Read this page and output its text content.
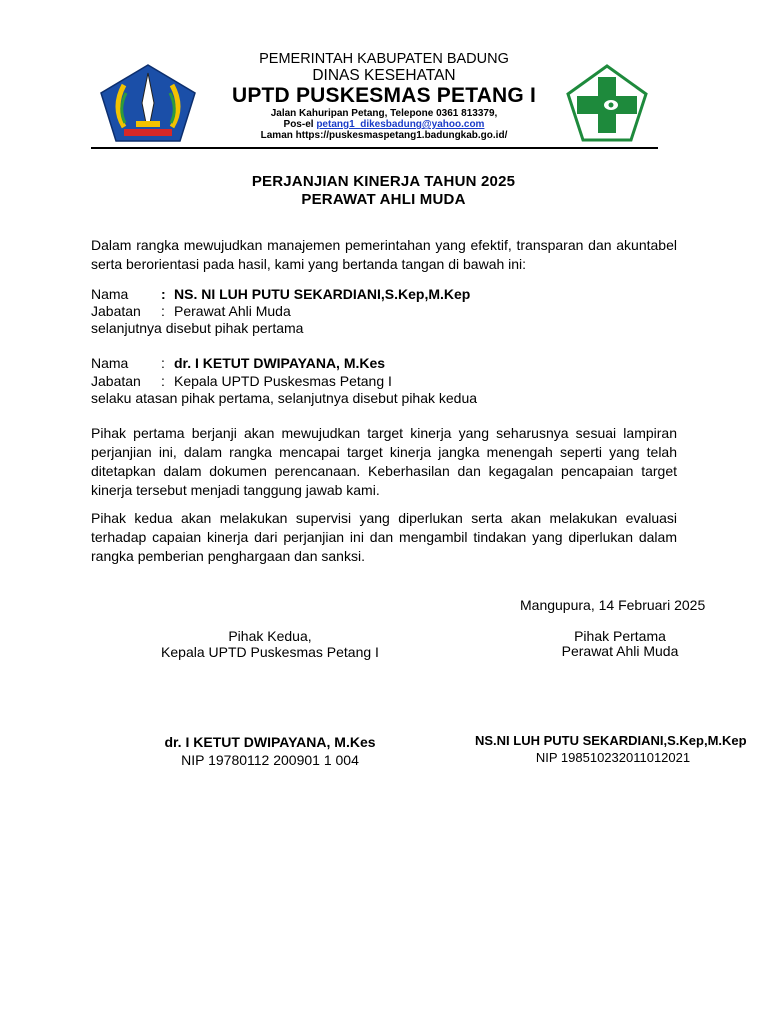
PEMERINTAH KABUPATEN BADUNG
DINAS KESEHATAN
UPTD PUSKESMAS PETANG I
Jalan Kahuripan Petang, Telepone 0361 813379,
Pos-el petang1_dikesbadung@yahoo.com
Laman https://puskesmaspetang1.badungkab.go.id/
PERJANJIAN KINERJA TAHUN 2025
PERAWAT AHLI MUDA
Dalam rangka mewujudkan manajemen pemerintahan yang efektif, transparan dan akuntabel serta berorientasi pada hasil, kami yang bertanda tangan di bawah ini:
Nama : NS. NI LUH PUTU SEKARDIANI,S.Kep,M.Kep
Jabatan : Perawat Ahli Muda
selanjutnya disebut pihak pertama
Nama : dr. I KETUT DWIPAYANA, M.Kes
Jabatan : Kepala UPTD Puskesmas Petang I
selaku atasan pihak pertama, selanjutnya disebut pihak kedua
Pihak pertama berjanji akan mewujudkan target kinerja yang seharusnya sesuai lampiran perjanjian ini, dalam rangka mencapai target kinerja jangka menengah seperti yang telah ditetapkan dalam dokumen perencanaan. Keberhasilan dan kegagalan pencapaian target kinerja tersebut menjadi tanggung jawab kami.
Pihak kedua akan melakukan supervisi yang diperlukan serta akan melakukan evaluasi terhadap capaian kinerja dari perjanjian ini dan mengambil tindakan yang diperlukan dalam rangka pemberian penghargaan dan sanksi.
Mangupura, 14 Februari 2025
Pihak Kedua,
Kepala UPTD Puskesmas Petang I
dr. I KETUT DWIPAYANA, M.Kes
NIP 19780112 200901 1 004
Pihak Pertama
Perawat Ahli Muda
NS.NI LUH PUTU SEKARDIANI,S.Kep,M.Kep
NIP 198510232011012021
